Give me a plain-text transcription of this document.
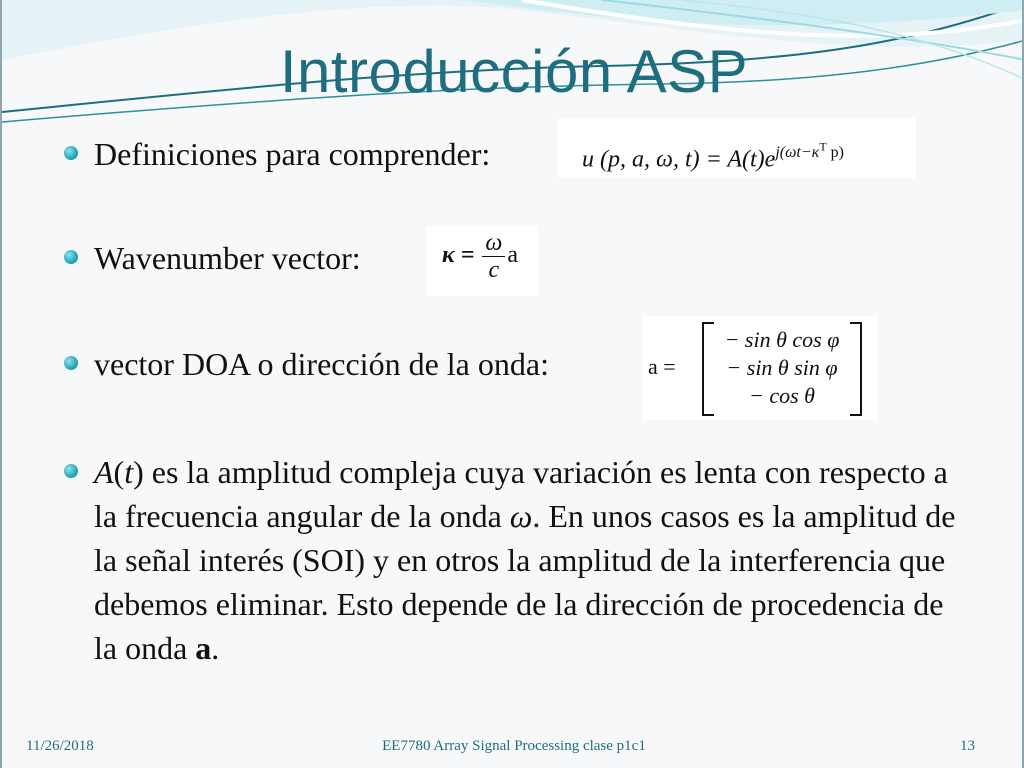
Introducción ASP
Definiciones para comprender:	u (p, a, ω, $t) = A(t)e^{j(\omega t-\kappa^T p)}$
Wavenumber vector:	$\kappa = \frac{\omega}{c}$ a
vector DOA o dirección de la onda:	a =
− sin θ cos φ
− sin θ sin φ
− cos θ
A(t) es la amplitud compleja cuya variación es lenta con respecto a la frecuencia angular de la onda ω. En unos casos es la amplitud de la señal interés (SOI) y en otros la amplitud de la interferencia que debemos eliminar. Esto depende de la dirección de procedencia de la onda a.
11/26/2018	EE7780 Array Signal Processing clase p1c1	13
